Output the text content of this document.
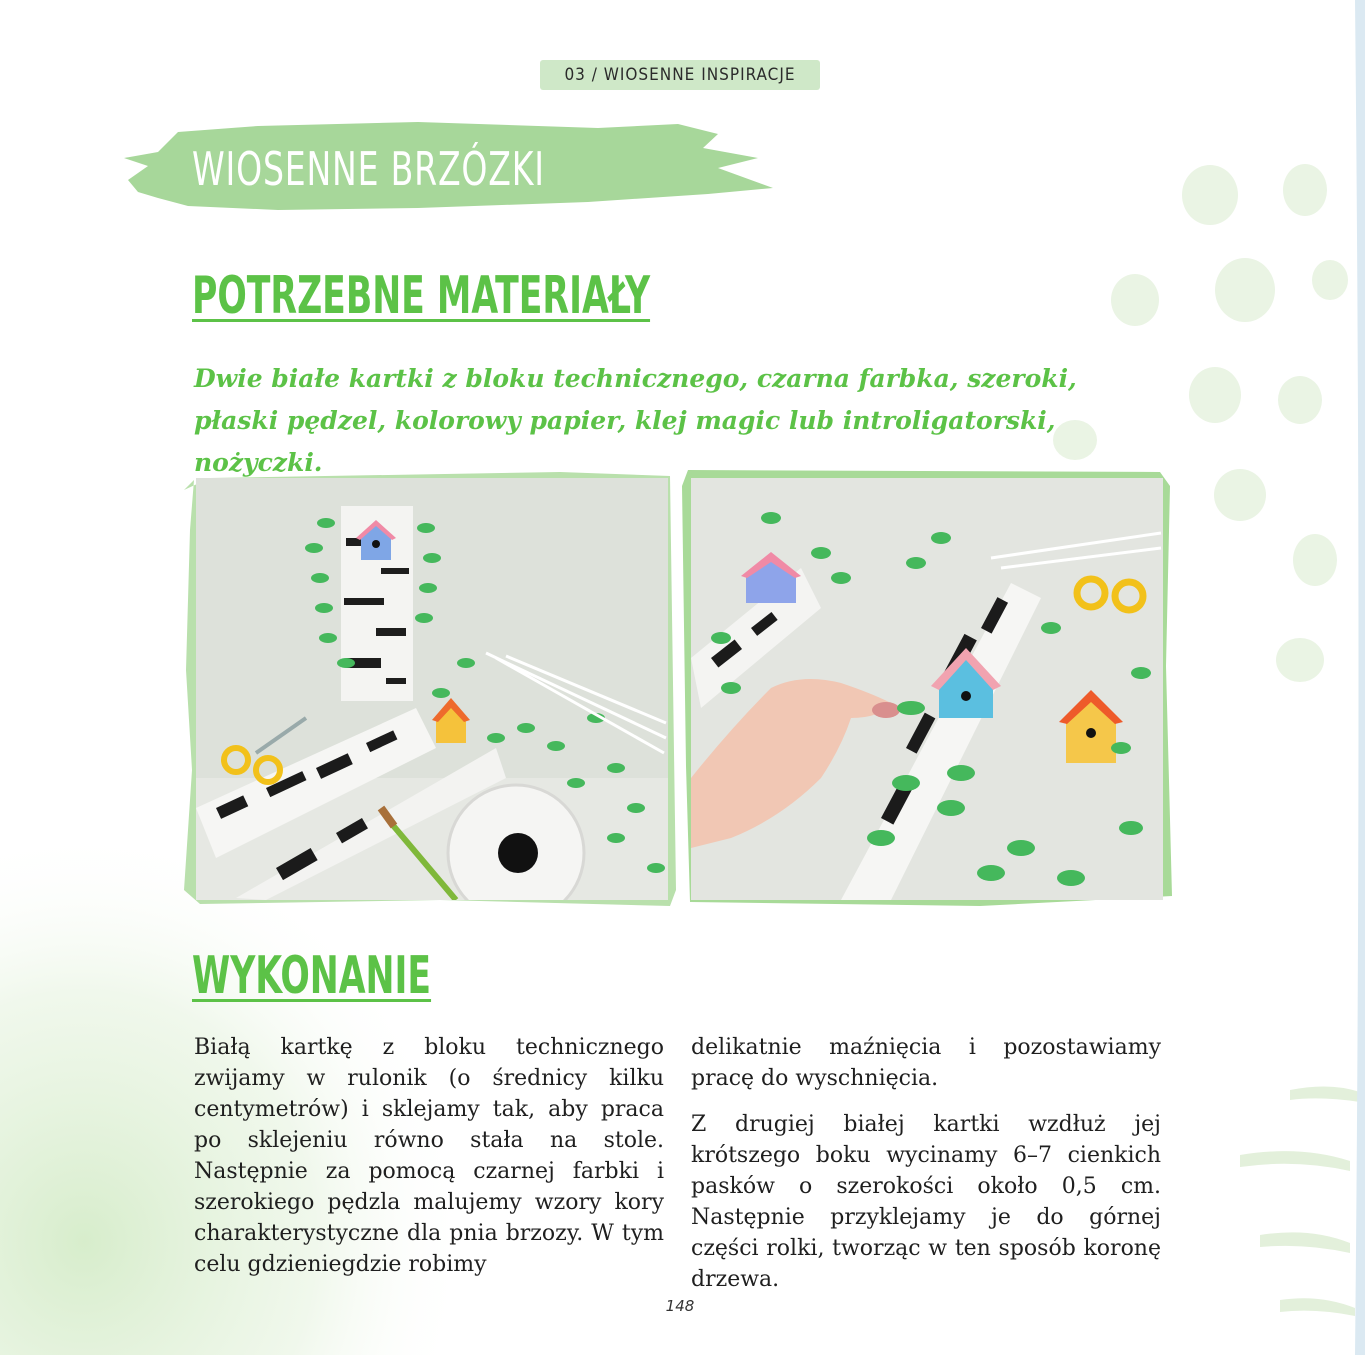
03 / WIOSENNE INSPIRACJE
WIOSENNE BRZÓZKI
POTRZEBNE MATERIAŁY
Dwie białe kartki z bloku technicznego, czarna farbka, szeroki, płaski pędzel, kolorowy papier, klej magic lub introligatorski, nożyczki.
WYKONANIE

Białą kartkę z bloku technicznego zwijamy w rulonik (o średnicy kilku centymetrów) i sklejamy tak, aby praca po sklejeniu równo stała na stole. Następnie za pomocą czarnej farbki i szerokiego pędzla malujemy wzory kory charakterystyczne dla pnia brzozy. W tym celu gdzieniegdzie robimy

delikatnie maźnięcia i pozostawiamy pracę do wyschnięcia.

Z drugiej białej kartki wzdłuż jej krótszego boku wycinamy 6–7 cienkich pasków o szerokości około 0,5 cm. Następnie przyklejamy je do górnej części rolki, tworząc w ten sposób koronę drzewa.

148
